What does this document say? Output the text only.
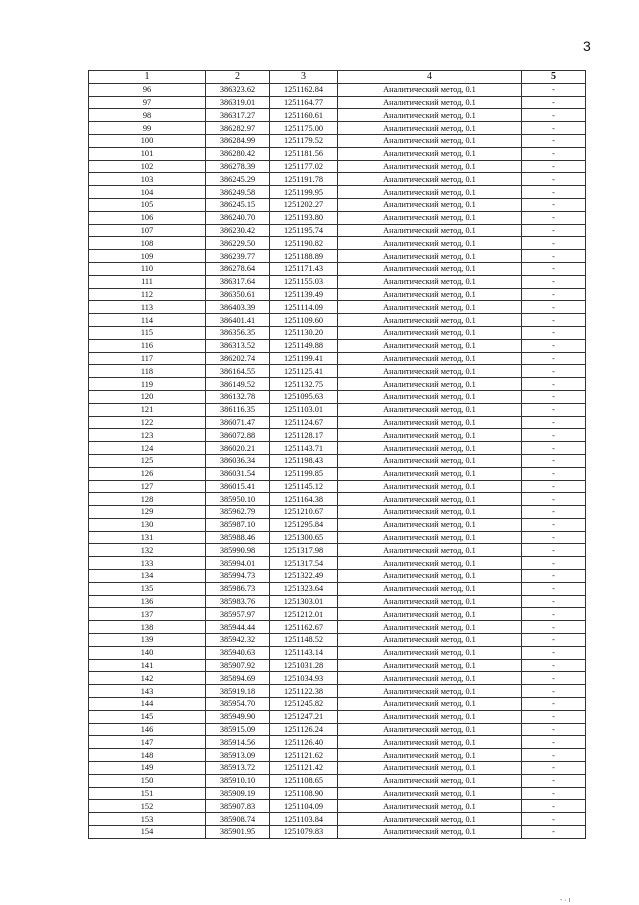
3
1	2	3	4	5
96	386323.62	1251162.84	Аналитический метод, 0.1	-
97	386319.01	1251164.77	Аналитический метод, 0.1	-
98	386317.27	1251160.61	Аналитический метод, 0.1	-
99	386282.97	1251175.00	Аналитический метод, 0.1	-
100	386284.99	1251179.52	Аналитический метод, 0.1	-
101	386280.42	1251181.56	Аналитический метод, 0.1	-
102	386278.39	1251177.02	Аналитический метод, 0.1	-
103	386245.29	1251191.78	Аналитический метод, 0.1	-
104	386249.58	1251199.95	Аналитический метод, 0.1	-
105	386245.15	1251202.27	Аналитический метод, 0.1	-
106	386240.70	1251193.80	Аналитический метод, 0.1	-
107	386230.42	1251195.74	Аналитический метод, 0.1	-
108	386229.50	1251190.82	Аналитический метод, 0.1	-
109	386239.77	1251188.89	Аналитический метод, 0.1	-
110	386278.64	1251171.43	Аналитический метод, 0.1	-
111	386317.64	1251155.03	Аналитический метод, 0.1	-
112	386350.61	1251139.49	Аналитический метод, 0.1	-
113	386403.39	1251114.09	Аналитический метод, 0.1	-
114	386401.41	1251109.60	Аналитический метод, 0.1	-
115	386356.35	1251130.20	Аналитический метод, 0.1	-
116	386313.52	1251149.88	Аналитический метод, 0.1	-
117	386202.74	1251199.41	Аналитический метод, 0.1	-
118	386164.55	1251125.41	Аналитический метод, 0.1	-
119	386149.52	1251132.75	Аналитический метод, 0.1	-
120	386132.78	1251095.63	Аналитический метод, 0.1	-
121	386116.35	1251103.01	Аналитический метод, 0.1	-
122	386071.47	1251124.67	Аналитический метод, 0.1	-
123	386072.88	1251128.17	Аналитический метод, 0.1	-
124	386020.21	1251143.71	Аналитический метод, 0.1	-
125	386036.34	1251198.43	Аналитический метод, 0.1	-
126	386031.54	1251199.85	Аналитический метод, 0.1	-
127	386015.41	1251145.12	Аналитический метод, 0.1	-
128	385950.10	1251164.38	Аналитический метод, 0.1	-
129	385962.79	1251210.67	Аналитический метод, 0.1	-
130	385987.10	1251295.84	Аналитический метод, 0.1	-
131	385988.46	1251300.65	Аналитический метод, 0.1	-
132	385990.98	1251317.98	Аналитический метод, 0.1	-
133	385994.01	1251317.54	Аналитический метод, 0.1	-
134	385994.73	1251322.49	Аналитический метод, 0.1	-
135	385986.73	1251323.64	Аналитический метод, 0.1	-
136	385983.76	1251303.01	Аналитический метод, 0.1	-
137	385957.97	1251212.01	Аналитический метод, 0.1	-
138	385944.44	1251162.67	Аналитический метод, 0.1	-
139	385942.32	1251148.52	Аналитический метод, 0.1	-
140	385940.63	1251143.14	Аналитический метод, 0.1	-
141	385907.92	1251031.28	Аналитический метод, 0.1	-
142	385894.69	1251034.93	Аналитический метод, 0.1	-
143	385919.18	1251122.38	Аналитический метод, 0.1	-
144	385954.70	1251245.82	Аналитический метод, 0.1	-
145	385949.90	1251247.21	Аналитический метод, 0.1	-
146	385915.09	1251126.24	Аналитический метод, 0.1	-
147	385914.56	1251126.40	Аналитический метод, 0.1	-
148	385913.09	1251121.62	Аналитический метод, 0.1	-
149	385913.72	1251121.42	Аналитический метод, 0.1	-
150	385910.10	1251108.65	Аналитический метод, 0.1	-
151	385909.19	1251108.90	Аналитический метод, 0.1	-
152	385907.83	1251104.09	Аналитический метод, 0.1	-
153	385908.74	1251103.84	Аналитический метод, 0.1	-
154	385901.95	1251079.83	Аналитический метод, 0.1	-
- · ı
